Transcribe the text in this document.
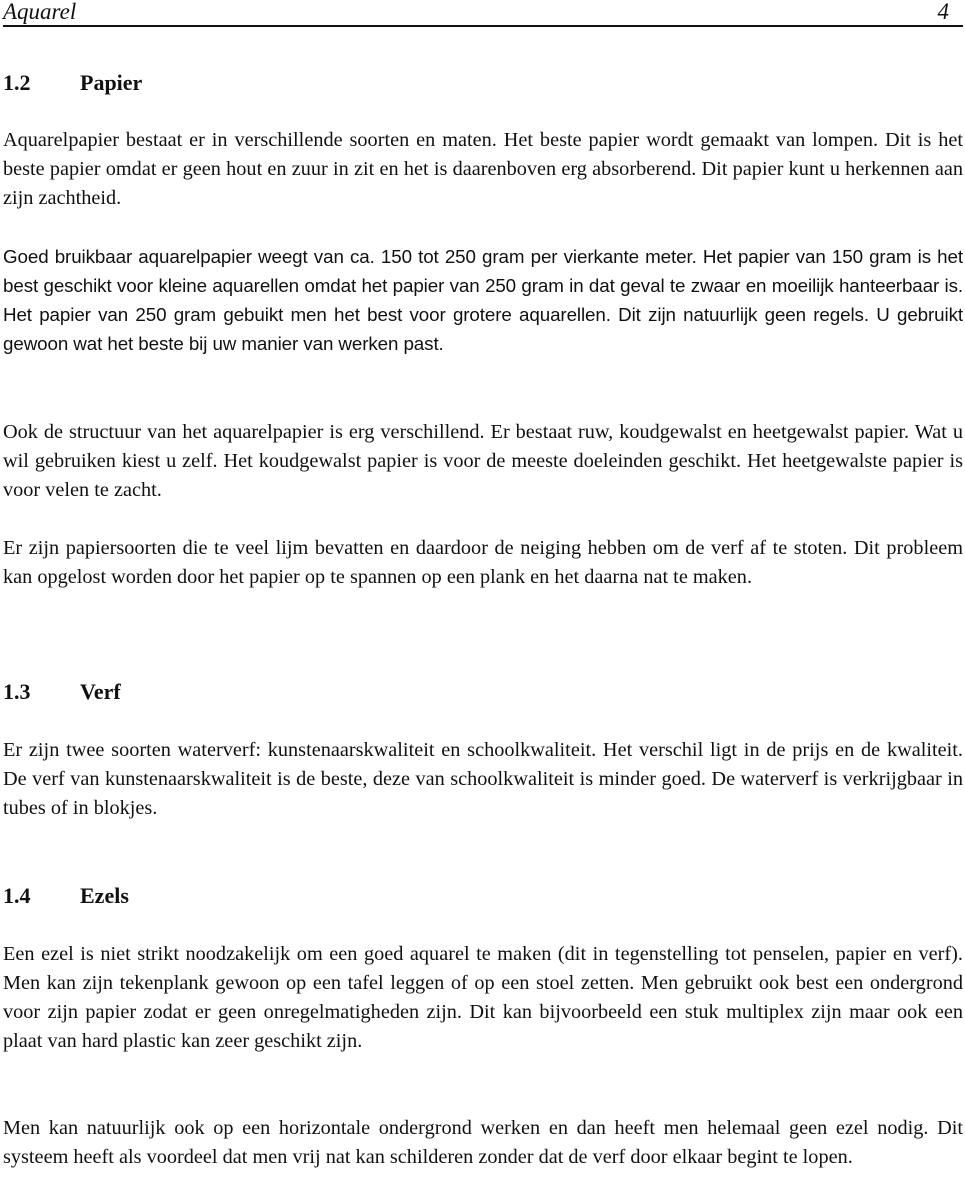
Aquarel	4
1.2 Papier

Aquarelpapier bestaat er in verschillende soorten en maten. Het beste papier wordt gemaakt van lompen. Dit is het beste papier omdat er geen hout en zuur in zit en het is daarenboven erg absorberend. Dit papier kunt u herkennen aan zijn zachtheid.

Goed bruikbaar aquarelpapier weegt van ca. 150 tot 250 gram per vierkante meter. Het papier van 150 gram is het best geschikt voor kleine aquarellen omdat het papier van 250 gram in dat geval te zwaar en moeilijk hanteerbaar is. Het papier van 250 gram gebuikt men het best voor grotere aquarellen. Dit zijn natuurlijk geen regels. U gebruikt gewoon wat het beste bij uw manier van werken past.

Ook de structuur van het aquarelpapier is erg verschillend. Er bestaat ruw, koudgewalst en heetgewalst papier. Wat u wil gebruiken kiest u zelf. Het koudgewalst papier is voor de meeste doeleinden geschikt. Het heetgewalste papier is voor velen te zacht.

Er zijn papiersoorten die te veel lijm bevatten en daardoor de neiging hebben om de verf af te stoten. Dit probleem kan opgelost worden door het papier op te spannen op een plank en het daarna nat te maken.

1.3 Verf

Er zijn twee soorten waterverf: kunstenaarskwaliteit en schoolkwaliteit. Het verschil ligt in de prijs en de kwaliteit. De verf van kunstenaarskwaliteit is de beste, deze van schoolkwaliteit is minder goed. De waterverf is verkrijgbaar in tubes of in blokjes.

1.4 Ezels

Een ezel is niet strikt noodzakelijk om een goed aquarel te maken (dit in tegenstelling tot penselen, papier en verf). Men kan zijn tekenplank gewoon op een tafel leggen of op een stoel zetten. Men gebruikt ook best een ondergrond voor zijn papier zodat er geen onregelmatigheden zijn. Dit kan bijvoorbeeld een stuk multiplex zijn maar ook een plaat van hard plastic kan zeer geschikt zijn.

Men kan natuurlijk ook op een horizontale ondergrond werken en dan heeft men helemaal geen ezel nodig. Dit systeem heeft als voordeel dat men vrij nat kan schilderen zonder dat de verf door elkaar begint te lopen.
